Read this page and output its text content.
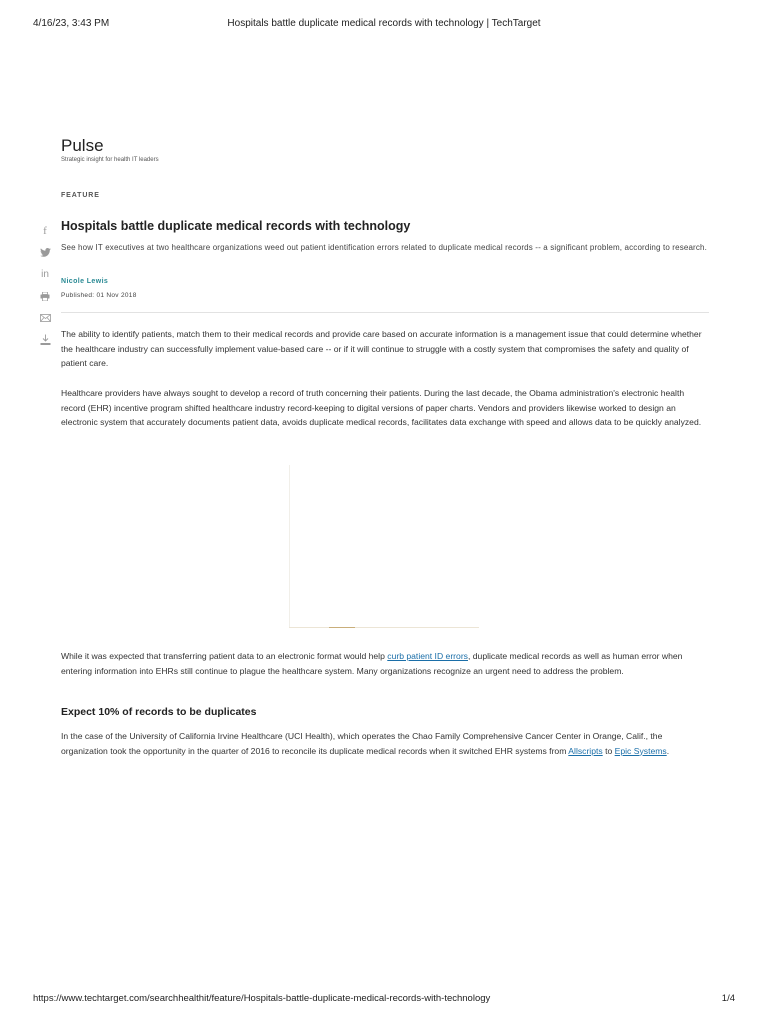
4/16/23, 3:43 PM	Hospitals battle duplicate medical records with technology | TechTarget
Pulse
Strategic insight for health IT leaders
FEATURE
f
in
Hospitals battle duplicate medical records with technology

See how IT executives at two healthcare organizations weed out patient identification errors related to duplicate medical records -- a significant problem, according to research.

Nicole Lewis
Published: 01 Nov 2018

The ability to identify patients, match them to their medical records and provide care based on accurate information is a management issue that could determine whether the healthcare industry can successfully implement value-based care -- or if it will continue to struggle with a costly system that compromises the safety and quality of patient care.

Healthcare providers have always sought to develop a record of truth concerning their patients. During the last decade, the Obama administration's electronic health record (EHR) incentive program shifted healthcare industry record-keeping to digital versions of paper charts. Vendors and providers likewise worked to design an electronic system that accurately documents patient data, avoids duplicate medical records, facilitates data exchange with speed and allows data to be quickly analyzed.

While it was expected that transferring patient data to an electronic format would help curb patient ID errors, duplicate medical records as well as human error when entering information into EHRs still continue to plague the healthcare system. Many organizations recognize an urgent need to address the problem.

Expect 10% of records to be duplicates

In the case of the University of California Irvine Healthcare (UCI Health), which operates the Chao Family Comprehensive Cancer Center in Orange, Calif., the organization took the opportunity in the quarter of 2016 to reconcile its duplicate medical records when it switched EHR systems from Allscripts to Epic Systems.

https://www.techtarget.com/searchhealthit/feature/Hospitals-battle-duplicate-medical-records-with-technology	1/4
